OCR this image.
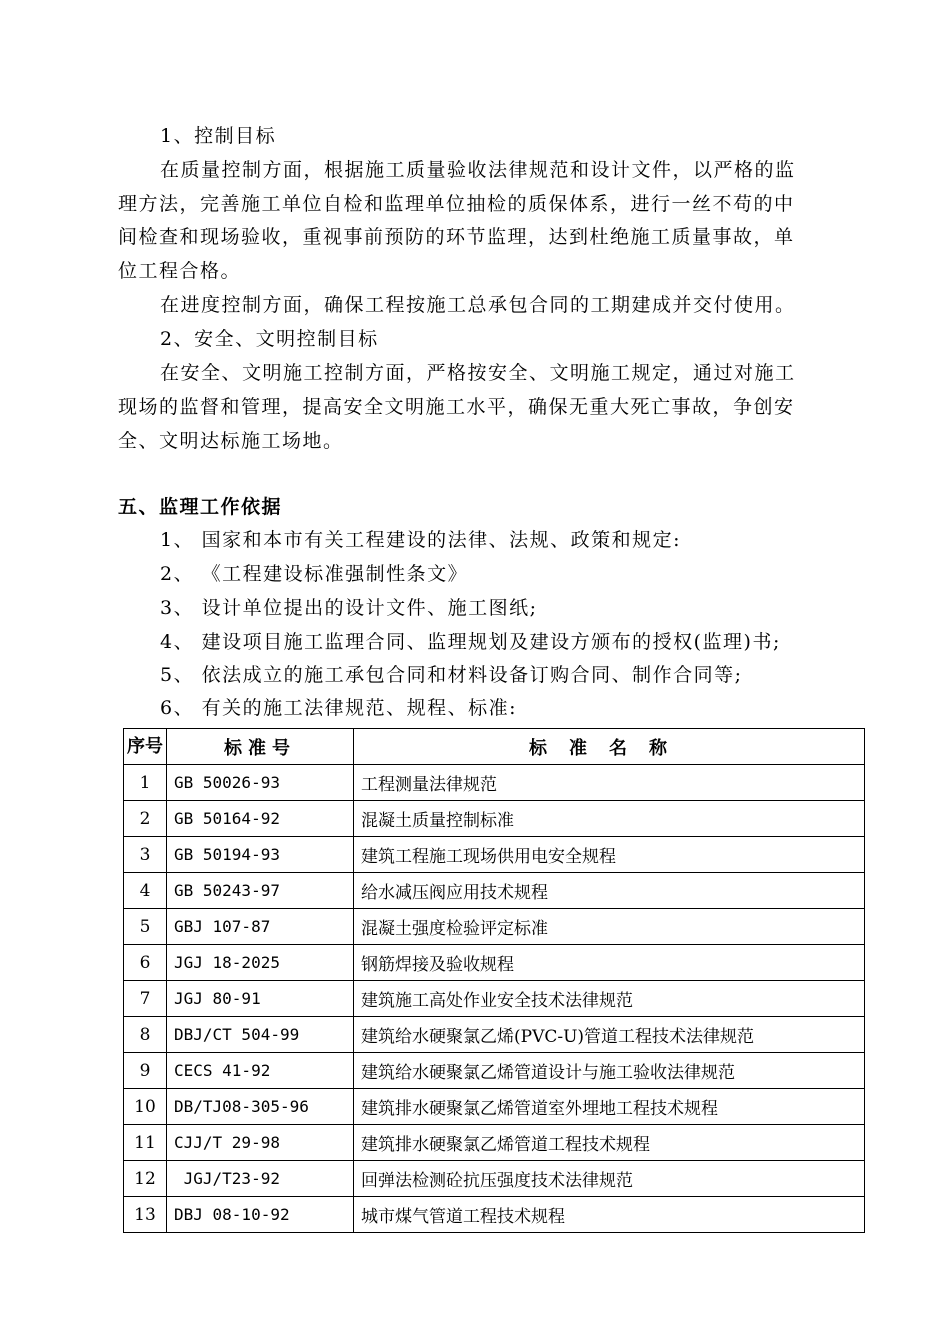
1、控制目标
在质量控制方面，根据施工质量验收法律规范和设计文件，以严格的监
理方法，完善施工单位自检和监理单位抽检的质保体系，进行一丝不苟的中
间检查和现场验收，重视事前预防的环节监理，达到杜绝施工质量事故，单
位工程合格。
在进度控制方面，确保工程按施工总承包合同的工期建成并交付使用。
2、安全、文明控制目标
在安全、文明施工控制方面，严格按安全、文明施工规定，通过对施工
现场的监督和管理，提高安全文明施工水平，确保无重大死亡事故，争创安
全、文明达标施工场地。
五、监理工作依据
1、 国家和本市有关工程建设的法律、法规、政策和规定:
2、 《工程建设标准强制性条文》
3、 设计单位提出的设计文件、施工图纸;
4、 建设项目施工监理合同、监理规划及建设方颁布的授权(监理)书;
5、 依法成立的施工承包合同和材料设备订购合同、制作合同等;
6、 有关的施工法律规范、规程、标准:
序号	标准号	标准名称
1	GB 50026-93	工程测量法律规范
2	GB 50164-92	混凝土质量控制标准
3	GB 50194-93	建筑工程施工现场供用电安全规程
4	GB 50243-97	给水减压阀应用技术规程
5	GBJ 107-87	混凝土强度检验评定标准
6	JGJ 18-2025	钢筋焊接及验收规程
7	JGJ 80-91	建筑施工高处作业安全技术法律规范
8	DBJ/CT 504-99	建筑给水硬聚氯乙烯(PVC-U)管道工程技术法律规范
9	CECS 41-92	建筑给水硬聚氯乙烯管道设计与施工验收法律规范
10	DB/TJ08-305-96	建筑排水硬聚氯乙烯管道室外埋地工程技术规程
11	CJJ/T 29-98	建筑排水硬聚氯乙烯管道工程技术规程
12	JGJ/T23-92	回弹法检测砼抗压强度技术法律规范
13	DBJ 08-10-92	城市煤气管道工程技术规程
